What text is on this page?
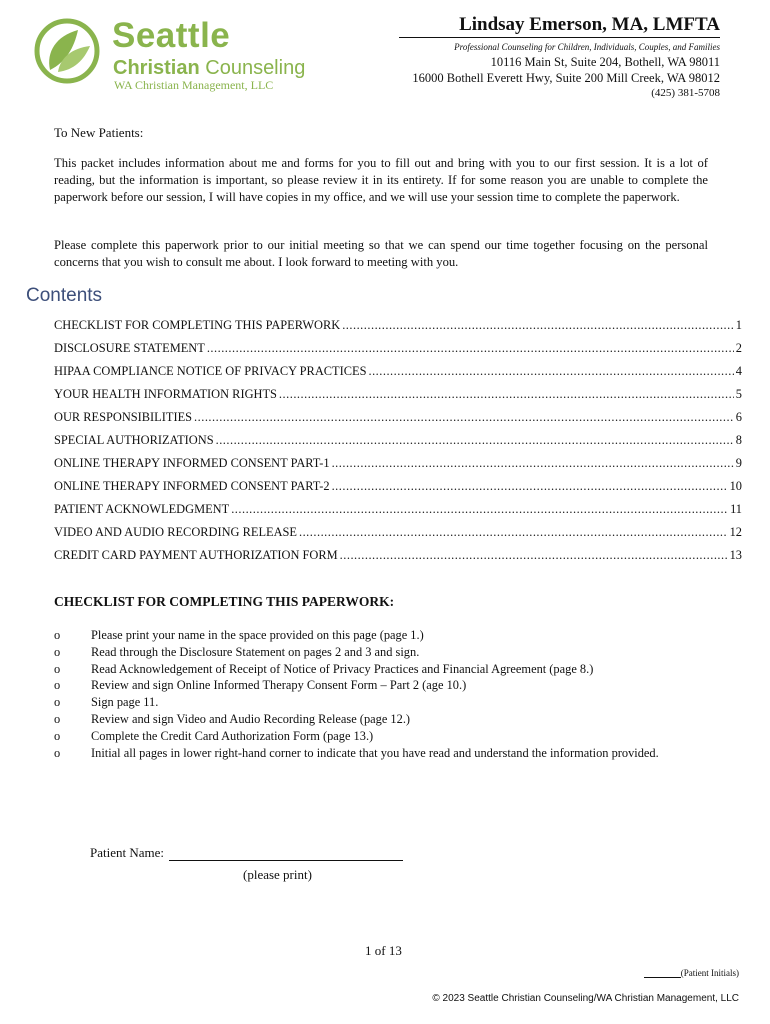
Seattle
Christian Counseling
WA Christian Management, LLC
Lindsay Emerson, MA, LMFTA
Professional Counseling for Children, Individuals, Couples, and Families
10116 Main St, Suite 204, Bothell, WA 98011
16000 Bothell Everett Hwy, Suite 200 Mill Creek, WA 98012
(425) 381-5708
To New Patients:

This packet includes information about me and forms for you to fill out and bring with you to our first session. It is a lot of reading, but the information is important, so please review it in its entirety. If for some reason you are unable to complete the paperwork before our session, I will have copies in my office, and we will use your session time to complete the paperwork.

Please complete this paperwork prior to our initial meeting so that we can spend our time together focusing on the personal concerns that you wish to consult me about. I look forward to meeting with you.

Contents
CHECKLIST FOR COMPLETING THIS PAPERWORK .....	1
DISCLOSURE STATEMENT .....	2
HIPAA COMPLIANCE NOTICE OF PRIVACY PRACTICES .....	4
YOUR HEALTH INFORMATION RIGHTS .....	5
OUR RESPONSIBILITIES .....	6
SPECIAL AUTHORIZATIONS .....	8
ONLINE THERAPY INFORMED CONSENT PART-1 .....	9
ONLINE THERAPY INFORMED CONSENT PART-2 .....	10
PATIENT ACKNOWLEDGMENT .....	11
VIDEO AND AUDIO RECORDING RELEASE .....	12
CREDIT CARD PAYMENT AUTHORIZATION FORM .....	13
CHECKLIST FOR COMPLETING THIS PAPERWORK:
o	Please print your name in the space provided on this page (page 1.)
o	Read through the Disclosure Statement on pages 2 and 3 and sign.
o	Read Acknowledgement of Receipt of Notice of Privacy Practices and Financial Agreement (page 8.)
o	Review and sign Online Informed Therapy Consent Form – Part 2 (age 10.)
o	Sign page 11.
o	Review and sign Video and Audio Recording Release (page 12.)
o	Complete the Credit Card Authorization Form (page 13.)
o	Initial all pages in lower right-hand corner to indicate that you have read and understand the information provided.
Patient Name:
(please print)
1 of 13
(Patient Initials)
© 2023 Seattle Christian Counseling/WA Christian Management, LLC
